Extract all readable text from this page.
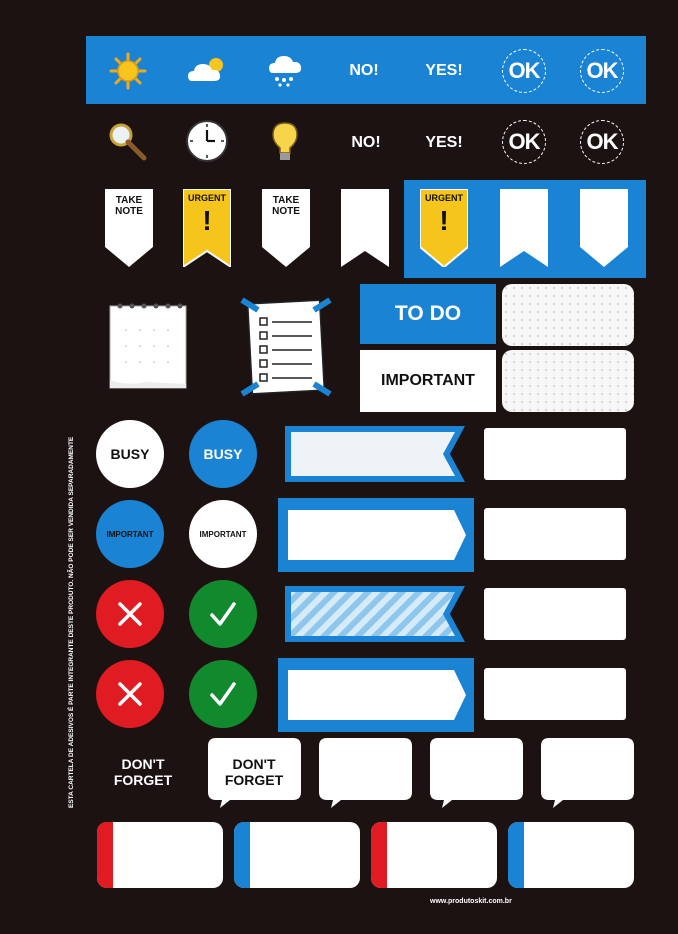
ESTA CARTELA DE ADESIVOS É PARTE INTEGRANTE DESTE PRODUTO. NÃO PODE SER VENDIDA SEPARADAMENTE
NO!	YES!	OK OK
NO!	YES!	OK OK
TAKE
NOTE
URGENT
!
TAKE
NOTE
URGENT
!
TO
DO
IMPORTANT
BUSY	BUSY
IMPORTANT	IMPORTANT
DON'T
FORGET
DON'T
FORGET
www.produtoskit.com.br
